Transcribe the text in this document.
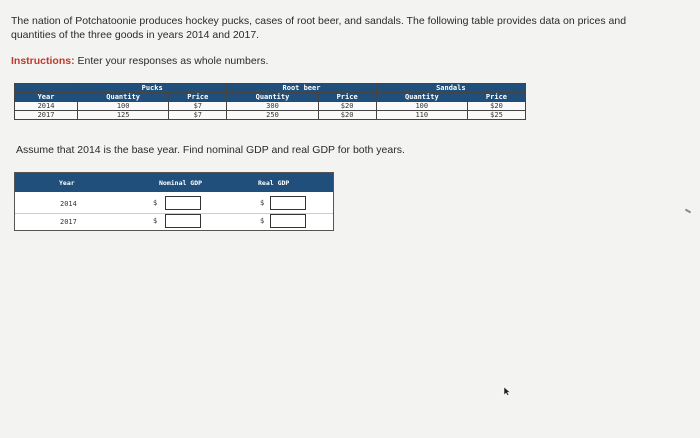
The nation of Potchatoonie produces hockey pucks, cases of root beer, and sandals. The following table provides data on prices and
quantities of the three goods in years 2014 and 2017.
Instructions: Enter your responses as whole numbers.
	Pucks		Root beer		Sandals	
Year	Quantity	Price	Quantity	Price	Quantity	Price
2014	100	$7	300	$20	100	$20
2017	125	$7	250	$20	110	$25
Assume that 2014 is the base year. Find nominal GDP and real GDP for both years.
Year	Nominal GDP	Real GDP
2014	$	$
2017	$	$
